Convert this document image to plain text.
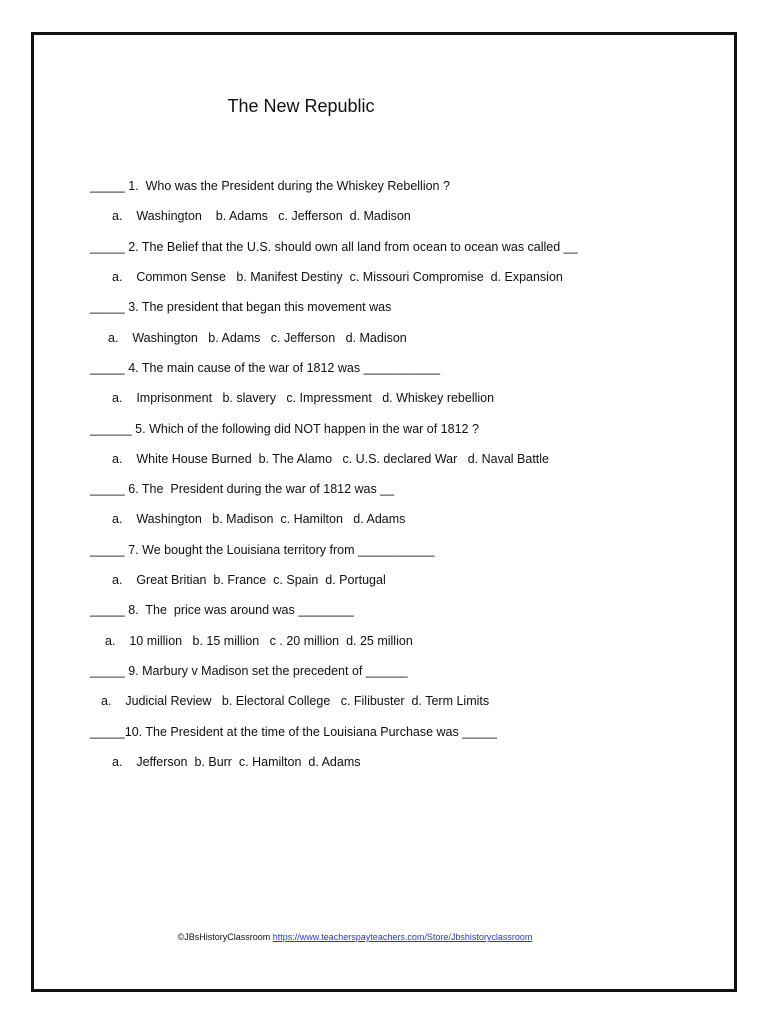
The New Republic
_____ 1.  Who was the President during the Whiskey Rebellion ?
a.    Washington    b. Adams   c. Jefferson  d. Madison
_____ 2. The Belief that the U.S. should own all land from ocean to ocean was called __
a.    Common Sense   b. Manifest Destiny  c. Missouri Compromise  d. Expansion
_____ 3. The president that began this movement was
a.    Washington   b. Adams   c. Jefferson   d. Madison
_____ 4. The main cause of the war of 1812 was ___________
a.    Imprisonment   b. slavery   c. Impressment   d. Whiskey rebellion
______ 5. Which of the following did NOT happen in the war of 1812 ?
a.    White House Burned  b. The Alamo   c. U.S. declared War   d. Naval Battle
_____ 6. The  President during the war of 1812 was __
a.    Washington   b. Madison  c. Hamilton   d. Adams
_____ 7. We bought the Louisiana territory from ___________
a.    Great Britian  b. France  c. Spain  d. Portugal
_____ 8.  The  price was around was ________
a.    10 million   b. 15 million   c . 20 million  d. 25 million
_____ 9. Marbury v Madison set the precedent of ______
a.    Judicial Review   b. Electoral College   c. Filibuster  d. Term Limits
_____10. The President at the time of the Louisiana Purchase was _____
a.    Jefferson  b. Burr  c. Hamilton  d. Adams
©JBsHistoryClassroom https://www.teacherspayteachers.com/Store/Jbshistoryclassroom
